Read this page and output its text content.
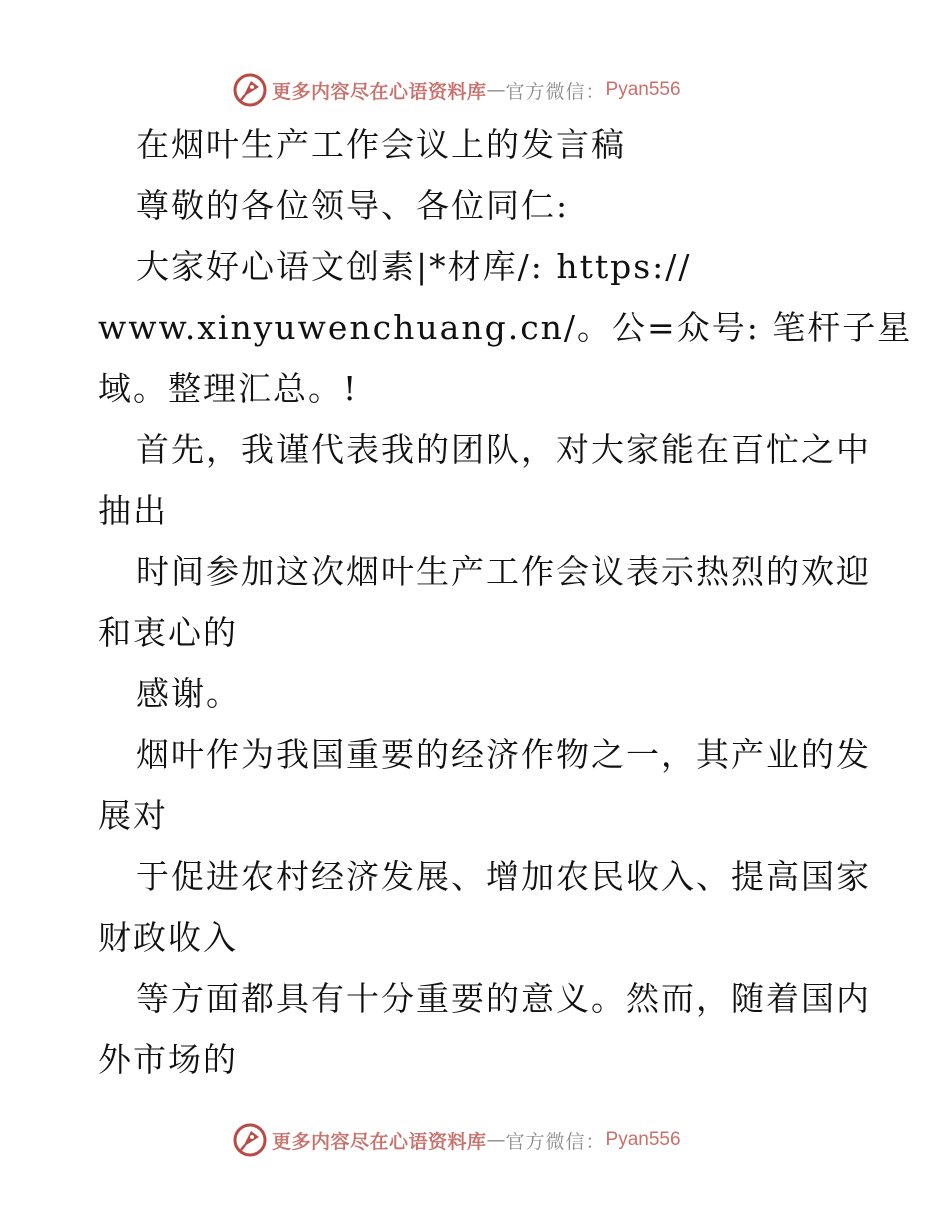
更多内容尽在心语资料库 — 官方微信： Pyan556
在烟叶生产工作会议上的发言稿
尊敬的各位领导、各位同仁:
大家好心语文创素|*材库/: https://
www.xinyuwenchuang.cn/。公=众号: 笔杆子星
域。整理汇总。!
首先，我谨代表我的团队，对大家能在百忙之中
抽出
时间参加这次烟叶生产工作会议表示热烈的欢迎
和衷心的
感谢。
烟叶作为我国重要的经济作物之一，其产业的发
展对
于促进农村经济发展、增加农民收入、提高国家
财政收入
等方面都具有十分重要的意义。然而，随着国内
外市场的
更多内容尽在心语资料库 — 官方微信： Pyan556
